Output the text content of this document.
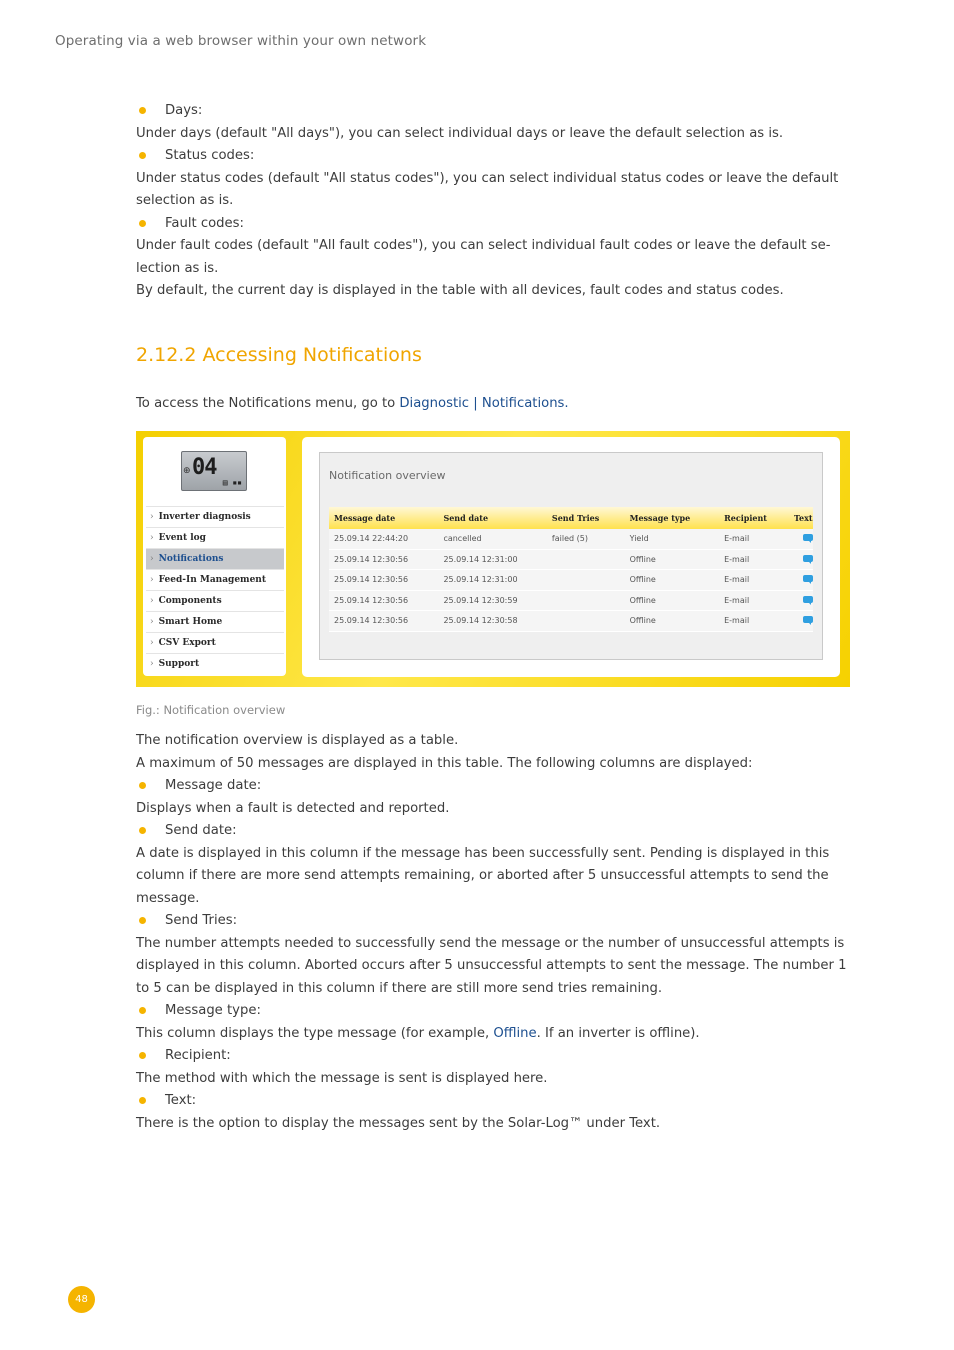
Operating via a web browser within your own network
Days:

Under days (default "All days"), you can select individual days or leave the default selection as is.

Status codes:

Under status codes (default "All status codes"), you can select individual status codes or leave the default selection as is.

Fault codes:

Under fault codes (default "All fault codes"), you can select individual fault codes or leave the default se-lection as is.

By default, the current day is displayed in the table with all devices, fault codes and status codes.

2.12.2 Accessing Notifications
To access the Notifications menu, go to Diagnostic | Notifications.
⊕ 04
▤ ▪▪
› Inverter diagnosis
› Event log
› Notifications
› Feed-In Management
› Components
› Smart Home
› CSV Export
› Support
Notification overview
Message date	Send date	Send Tries	Message type	Recipient	Text
25.09.14 22:44:20	cancelled	failed (5)	Yield	E-mail	
25.09.14 12:30:56	25.09.14 12:31:00		Offline	E-mail	
25.09.14 12:30:56	25.09.14 12:31:00		Offline	E-mail	
25.09.14 12:30:56	25.09.14 12:30:59		Offline	E-mail	
25.09.14 12:30:56	25.09.14 12:30:58		Offline	E-mail	
Fig.: Notification overview

The notification overview is displayed as a table.

A maximum of 50 messages are displayed in this table. The following columns are displayed:

Message date:

Displays when a fault is detected and reported.

Send date:

A date is displayed in this column if the message has been successfully sent. Pending is displayed in this column if there are more send attempts remaining, or aborted after 5 unsuccessful attempts to send the message.

Send Tries:

The number attempts needed to successfully send the message or the number of unsuccessful attempts is displayed in this column. Aborted occurs after 5 unsuccessful attempts to sent the message. The number 1 to 5 can be displayed in this column if there are still more send tries remaining.

Message type:

This column displays the type message (for example, Offline. If an inverter is offline).

Recipient:

The method with which the message is sent is displayed here.

Text:

There is the option to display the messages sent by the Solar-Log™ under Text.

48
